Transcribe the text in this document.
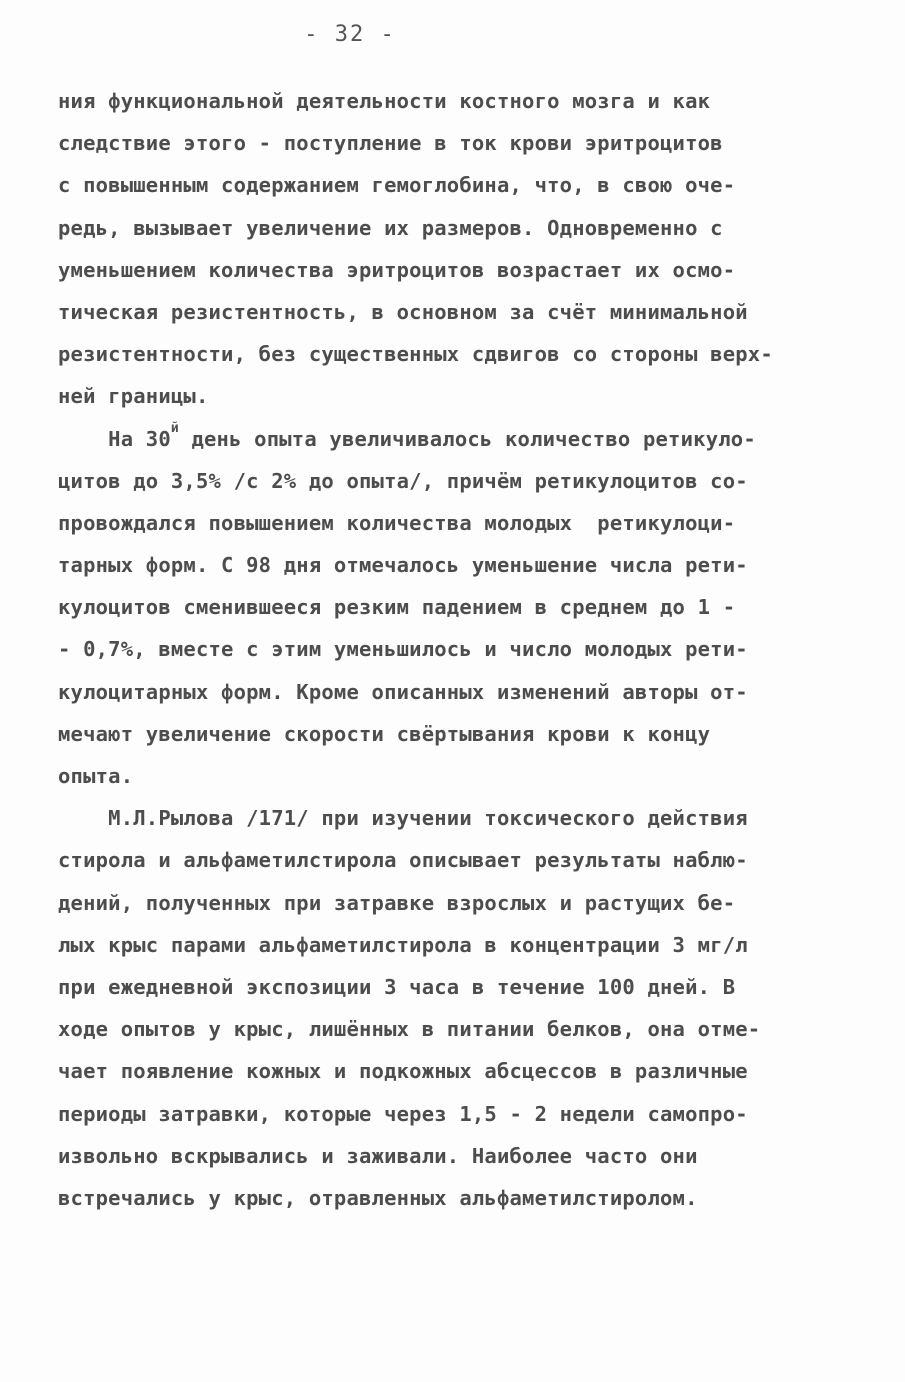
- 32 -
ния функциональной деятельности костного мозга и как
следствие этого - поступление в ток крови эритроцитов
с повышенным содержанием гемоглобина, что, в свою оче-
редь, вызывает увеличение их размеров. Одновременно с
уменьшением количества эритроцитов возрастает их осмо-
тическая резистентность, в основном за счёт минимальной
резистентности, без существенных сдвигов со стороны верх-
ней границы.
На $30^й$ день опыта увеличивалось количество ретикуло-
цитов до 3,5% /с 2% до опыта/, причём ретикулоцитов со-
провождался повышением количества молодых  ретикулоци-
тарных форм. С 98 дня отмечалось уменьшение числа рети-
кулоцитов сменившееся резким падением в среднем до 1 -
- 0,7%, вместе с этим уменьшилось и число молодых рети-
кулоцитарных форм. Кроме описанных изменений авторы от-
мечают увеличение скорости свёртывания крови к концу
опыта.
М.Л.Рылова /171/ при изучении токсического действия
стирола и альфаметилстирола описывает результаты наблю-
дений, полученных при затравке взрослых и растущих бе-
лых крыс парами альфаметилстирола в концентрации 3 мг/л
при ежедневной экспозиции 3 часа в течение 100 дней. В
ходе опытов у крыс, лишённых в питании белков, она отме-
чает появление кожных и подкожных абсцессов в различные
периоды затравки, которые через 1,5 - 2 недели самопро-
извольно вскрывались и заживали. Наиболее часто они
встречались у крыс, отравленных альфаметилстиролом.
